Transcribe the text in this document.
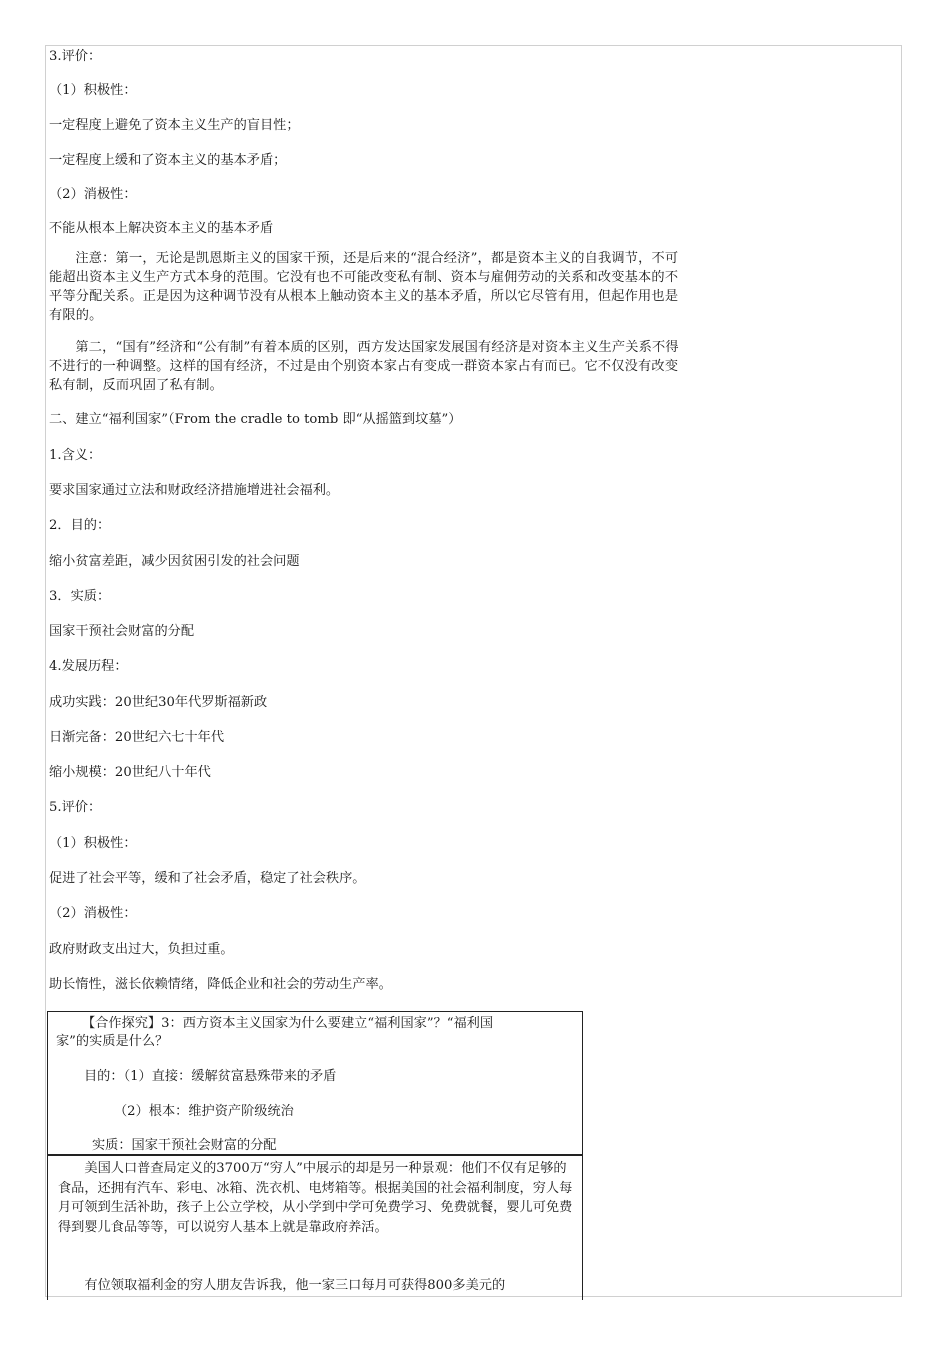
3.评价：
（1）积极性：
一定程度上避免了资本主义生产的盲目性；
一定程度上缓和了资本主义的基本矛盾；
（2）消极性：
不能从根本上解决资本主义的基本矛盾
注意：第一，无论是凯恩斯主义的国家干预，还是后来的“混合经济”，都是资本主义的自我调节，不可能超出资本主义生产方式本身的范围。它没有也不可能改变私有制、资本与雇佣劳动的关系和改变基本的不平等分配关系。正是因为这种调节没有从根本上触动资本主义的基本矛盾，所以它尽管有用，但起作用也是有限的。
第二，“国有”经济和“公有制”有着本质的区别，西方发达国家发展国有经济是对资本主义生产关系不得不进行的一种调整。这样的国有经济，不过是由个别资本家占有变成一群资本家占有而已。它不仅没有改变私有制，反而巩固了私有制。
二、建立“福利国家”（From the cradle to tomb 即“从摇篮到坟墓”）
1.含义：
要求国家通过立法和财政经济措施增进社会福利。
2．目的：
缩小贫富差距，减少因贫困引发的社会问题
3．实质：
国家干预社会财富的分配
4.发展历程：
成功实践：20世纪30年代罗斯福新政
日渐完备：20世纪六七十年代
缩小规模：20世纪八十年代
5.评价：
（1）积极性：
促进了社会平等，缓和了社会矛盾，稳定了社会秩序。
（2）消极性：
政府财政支出过大，负担过重。
助长惰性，滋长依赖情绪，降低企业和社会的劳动生产率。
【合作探究】3：西方资本主义国家为什么要建立“福利国家”？“福利国
家”的实质是什么？
目的：（1）直接：缓解贫富悬殊带来的矛盾
（2）根本：维护资产阶级统治
实质：国家干预社会财富的分配
美国人口普查局定义的3700万“穷人”中展示的却是另一种景观：他们不仅有足够的食品，还拥有汽车、彩电、冰箱、洗衣机、电烤箱等。根据美国的社会福利制度，穷人每月可领到生活补助，孩子上公立学校，从小学到中学可免费学习、免费就餐，婴儿可免费得到婴儿食品等等，可以说穷人基本上就是靠政府养活。
有位领取福利金的穷人朋友告诉我，他一家三口每月可获得800多美元的
